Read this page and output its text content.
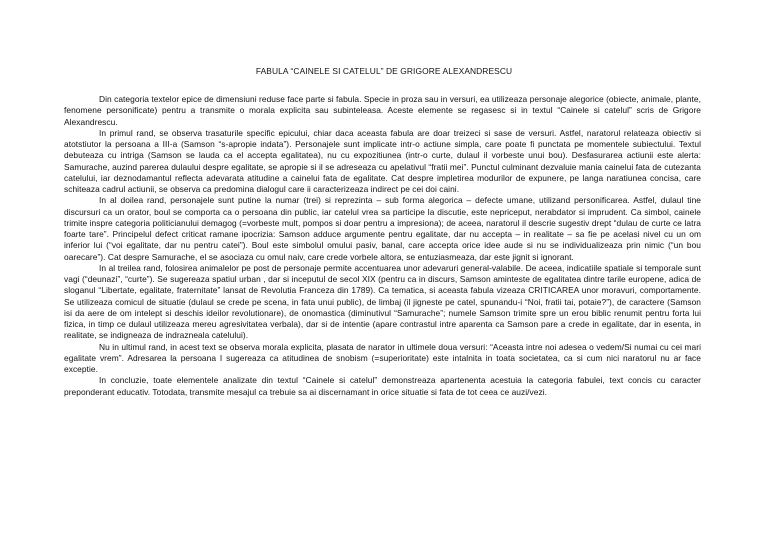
FABULA “CAINELE SI CATELUL” DE GRIGORE ALEXANDRESCU

Din categoria textelor epice de dimensiuni reduse face parte si fabula. Specie in proza sau in versuri, ea utilizeaza personaje alegorice (obiecte, animale, plante, fenomene personificate) pentru a transmite o morala explicita sau subinteleasa. Aceste elemente se regasesc si in textul “Cainele si catelul” scris de Grigore Alexandrescu.

In primul rand, se observa trasaturile specific epicului, chiar daca aceasta fabula are doar treizeci si sase de versuri. Astfel, naratorul relateaza obiectiv si atotstiutor la persoana a III-a (Samson “s-apropie indata”). Personajele sunt implicate intr-o actiune simpla, care poate fi punctata pe momentele subiectului. Textul debuteaza cu intriga (Samson se lauda ca el accepta egalitatea), nu cu expozitiunea (intr-o curte, dulaul il vorbeste unui bou). Desfasurarea actiunii este alerta: Samurache, auzind parerea dulaului despre egalitate, se apropie si il se adreseaza cu apelativul “fratii mei”. Punctul culminant dezvaluie mania cainelui fata de cutezanta catelului, iar deznodamantul reflecta adevarata atitudine a cainelui fata de egalitate. Cat despre impletirea modurilor de expunere, pe langa naratiunea concisa, care schiteaza cadrul actiunii, se observa ca predomina dialogul care ii caracterizeaza indirect pe cei doi caini.

In al doilea rand, personajele sunt putine la numar (trei) si reprezinta – sub forma alegorica – defecte umane, utilizand personificarea. Astfel, dulaul tine discursuri ca un orator, boul se comporta ca o persoana din public, iar catelul vrea sa participe la discutie, este nepriceput, nerabdator si imprudent. Ca simbol, cainele trimite inspre categoria politicianului demagog (=vorbeste mult, pompos si doar pentru a impresiona); de aceea, naratorul il descrie sugestiv drept “dulau de curte ce latra foarte tare”. Principelul defect criticat ramane ipocrizia: Samson adduce argumente pentru egalitate, dar nu accepta – in realitate – sa fie pe acelasi nivel cu un om inferior lui (“voi egalitate, dar nu pentru catei”). Boul este simbolul omului pasiv, banal, care accepta orice idee aude si nu se individualizeaza prin nimic (“un bou oarecare”). Cat despre Samurache, el se asociaza cu omul naiv, care crede vorbele altora, se entuziasmeaza, dar este jignit si ignorant.

In al treilea rand, folosirea animalelor pe post de personaje permite accentuarea unor adevaruri general-valabile. De aceea, indicatiile spatiale si temporale sunt vagi (“deunazi”, “curte”). Se sugereaza spatiul urban , dar si inceputul de secol XIX (pentru ca in discurs, Samson aminteste de egalitatea dintre tarile europene, adica de sloganul “Libertate, egalitate, fraternitate” lansat de Revolutia Franceza din 1789). Ca tematica, si aceasta fabula vizeaza CRITICAREA unor moravuri, comportamente. Se utilizeaza comicul de situatie (dulaul se crede pe scena, in fata unui public), de limbaj (il jigneste pe catel, spunandu-i “Noi, fratii tai, potaie?”), de caractere (Samson isi da aere de om intelept si deschis ideilor revolutionare), de onomastica (diminutivul “Samurache”; numele Samson trimite spre un erou biblic renumit pentru forta lui fizica, in timp ce dulaul utilizeaza mereu agresivitatea verbala), dar si de intentie (apare contrastul intre aparenta ca Samson pare a crede in egalitate, dar in esenta, in realitate, se indigneaza de indrazneala catelului).

Nu in ultimul rand, in acest text se observa morala explicita, plasata de narator in ultimele doua versuri: “Aceasta intre noi adesea o vedem/Si numai cu cei mari egalitate vrem”. Adresarea la persoana I sugereaza ca atitudinea de snobism (=superioritate) este intalnita in toata societatea, ca si cum nici naratorul nu ar face exceptie.

In concluzie, toate elementele analizate din textul “Cainele si catelul” demonstreaza apartenenta acestuia la categoria fabulei, text concis cu caracter preponderant educativ. Totodata, transmite mesajul ca trebuie sa ai discernamant in orice situatie si fata de tot ceea ce auzi/vezi.
